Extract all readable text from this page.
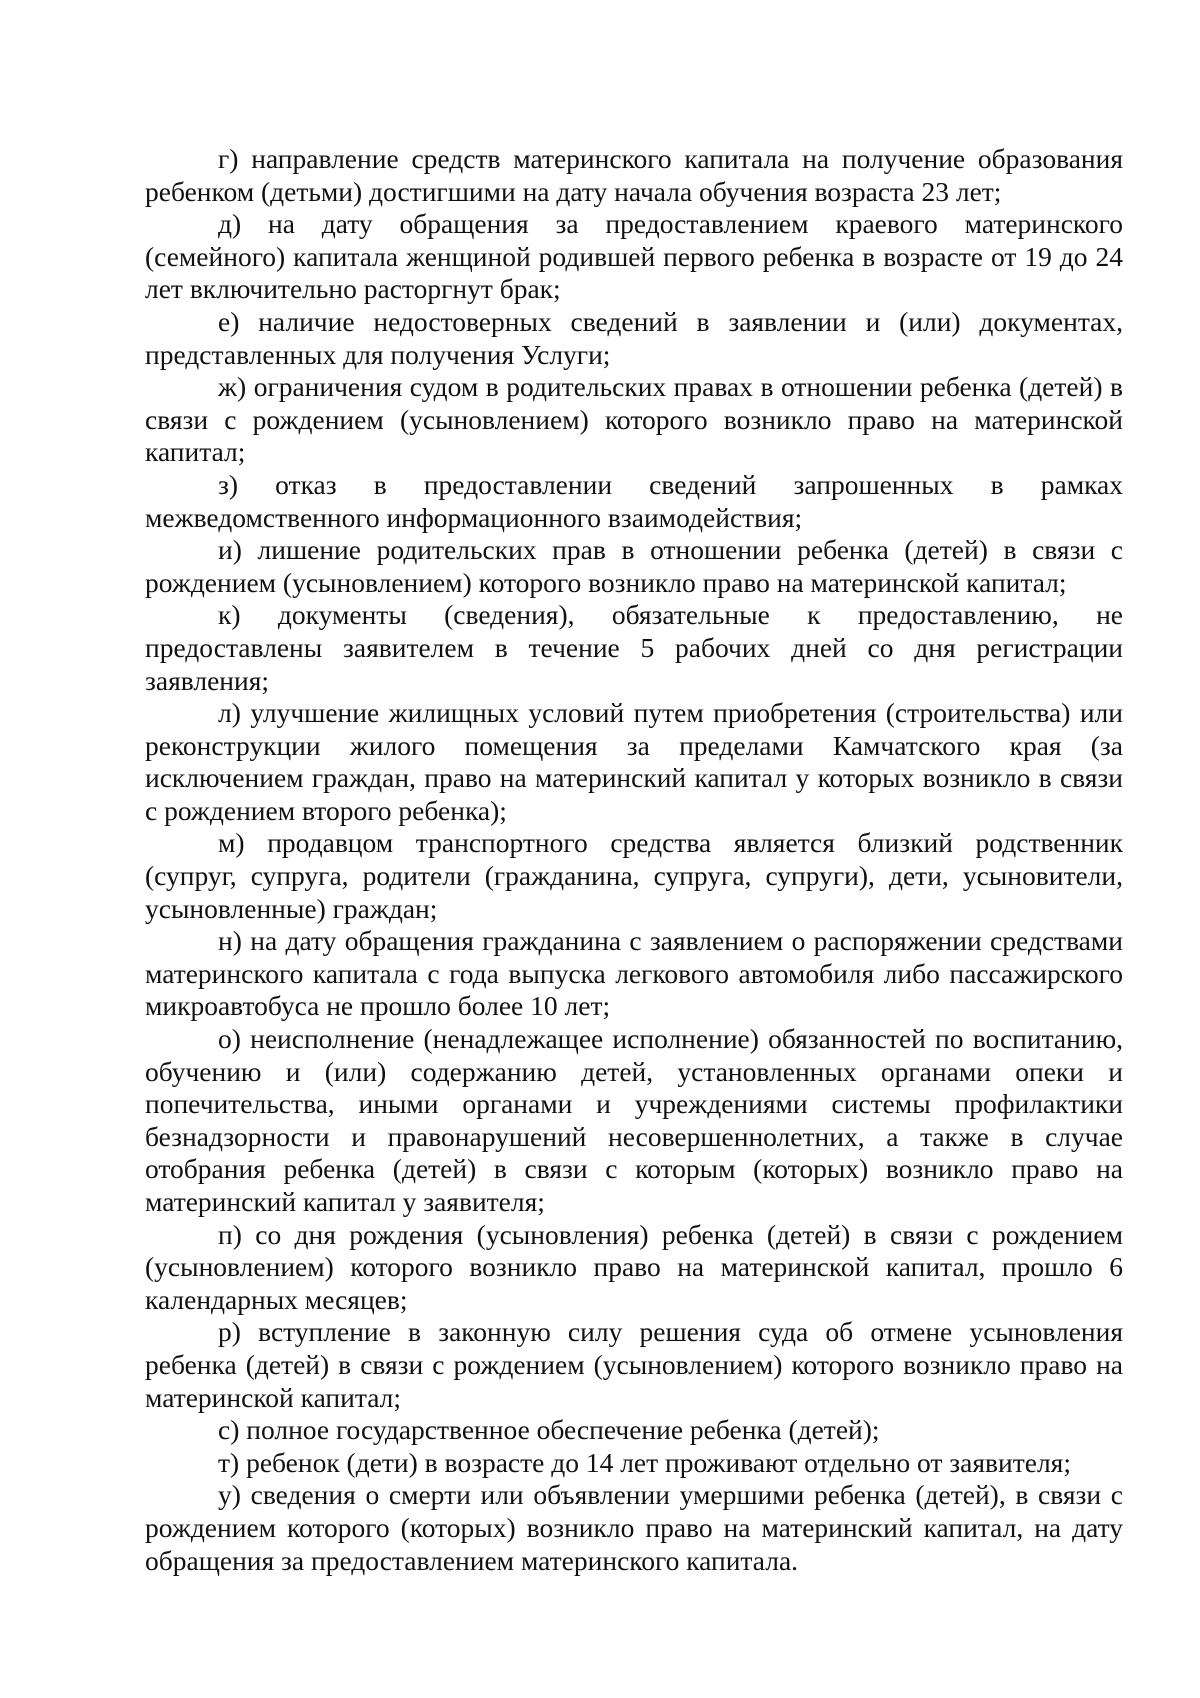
г) направление средств материнского капитала на получение образования ребенком (детьми) достигшими на дату начала обучения возраста 23 лет;

д) на дату обращения за предоставлением краевого материнского (семейного) капитала женщиной родившей первого ребенка в возрасте от 19 до 24 лет включительно расторгнут брак;

е) наличие недостоверных сведений в заявлении и (или) документах, представленных для получения Услуги;

ж) ограничения судом в родительских правах в отношении ребенка (детей) в связи с рождением (усыновлением) которого возникло право на материнской капитал;

з) отказ в предоставлении сведений запрошенных в рамках межведомственного информационного взаимодействия;

и) лишение родительских прав в отношении ребенка (детей) в связи с рождением (усыновлением) которого возникло право на материнской капитал;

к) документы (сведения), обязательные к предоставлению, не предоставлены заявителем в течение 5 рабочих дней со дня регистрации заявления;

л) улучшение жилищных условий путем приобретения (строительства) или реконструкции жилого помещения за пределами Камчатского края (за исключением граждан, право на материнский капитал у которых возникло в связи с рождением второго ребенка);

м) продавцом транспортного средства является близкий родственник (супруг, супруга, родители (гражданина, супруга, супруги), дети, усыновители, усыновленные) граждан;

н) на дату обращения гражданина с заявлением о распоряжении средствами материнского капитала с года выпуска легкового автомобиля либо пассажирского микроавтобуса не прошло более 10 лет;

о) неисполнение (ненадлежащее исполнение) обязанностей по воспитанию, обучению и (или) содержанию детей, установленных органами опеки и попечительства, иными органами и учреждениями системы профилактики безнадзорности и правонарушений несовершеннолетних, а также в случае отобрания ребенка (детей) в связи с которым (которых) возникло право на материнский капитал у заявителя;

п) со дня рождения (усыновления) ребенка (детей) в связи с рождением (усыновлением) которого возникло право на материнской капитал, прошло 6 календарных месяцев;

р) вступление в законную силу решения суда об отмене усыновления ребенка (детей) в связи с рождением (усыновлением) которого возникло право на материнской капитал;

с) полное государственное обеспечение ребенка (детей);

т) ребенок (дети) в возрасте до 14 лет проживают отдельно от заявителя;

у) сведения о смерти или объявлении умершими ребенка (детей), в связи с рождением которого (которых) возникло право на материнский капитал, на дату обращения за предоставлением материнского капитала.
